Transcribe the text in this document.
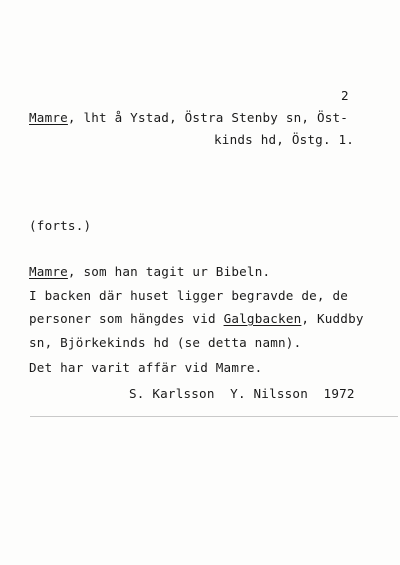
2
Mamre, lht å Ystad, Östra Stenby sn, Öst-
kinds hd, Östg. 1.
(forts.)
Mamre, som han tagit ur Bibeln.
I backen där huset ligger begravde de, de
personer som hängdes vid Galgbacken, Kuddby
sn, Björkekinds hd (se detta namn).
Det har varit affär vid Mamre.
S. Karlsson  Y. Nilsson  1972
